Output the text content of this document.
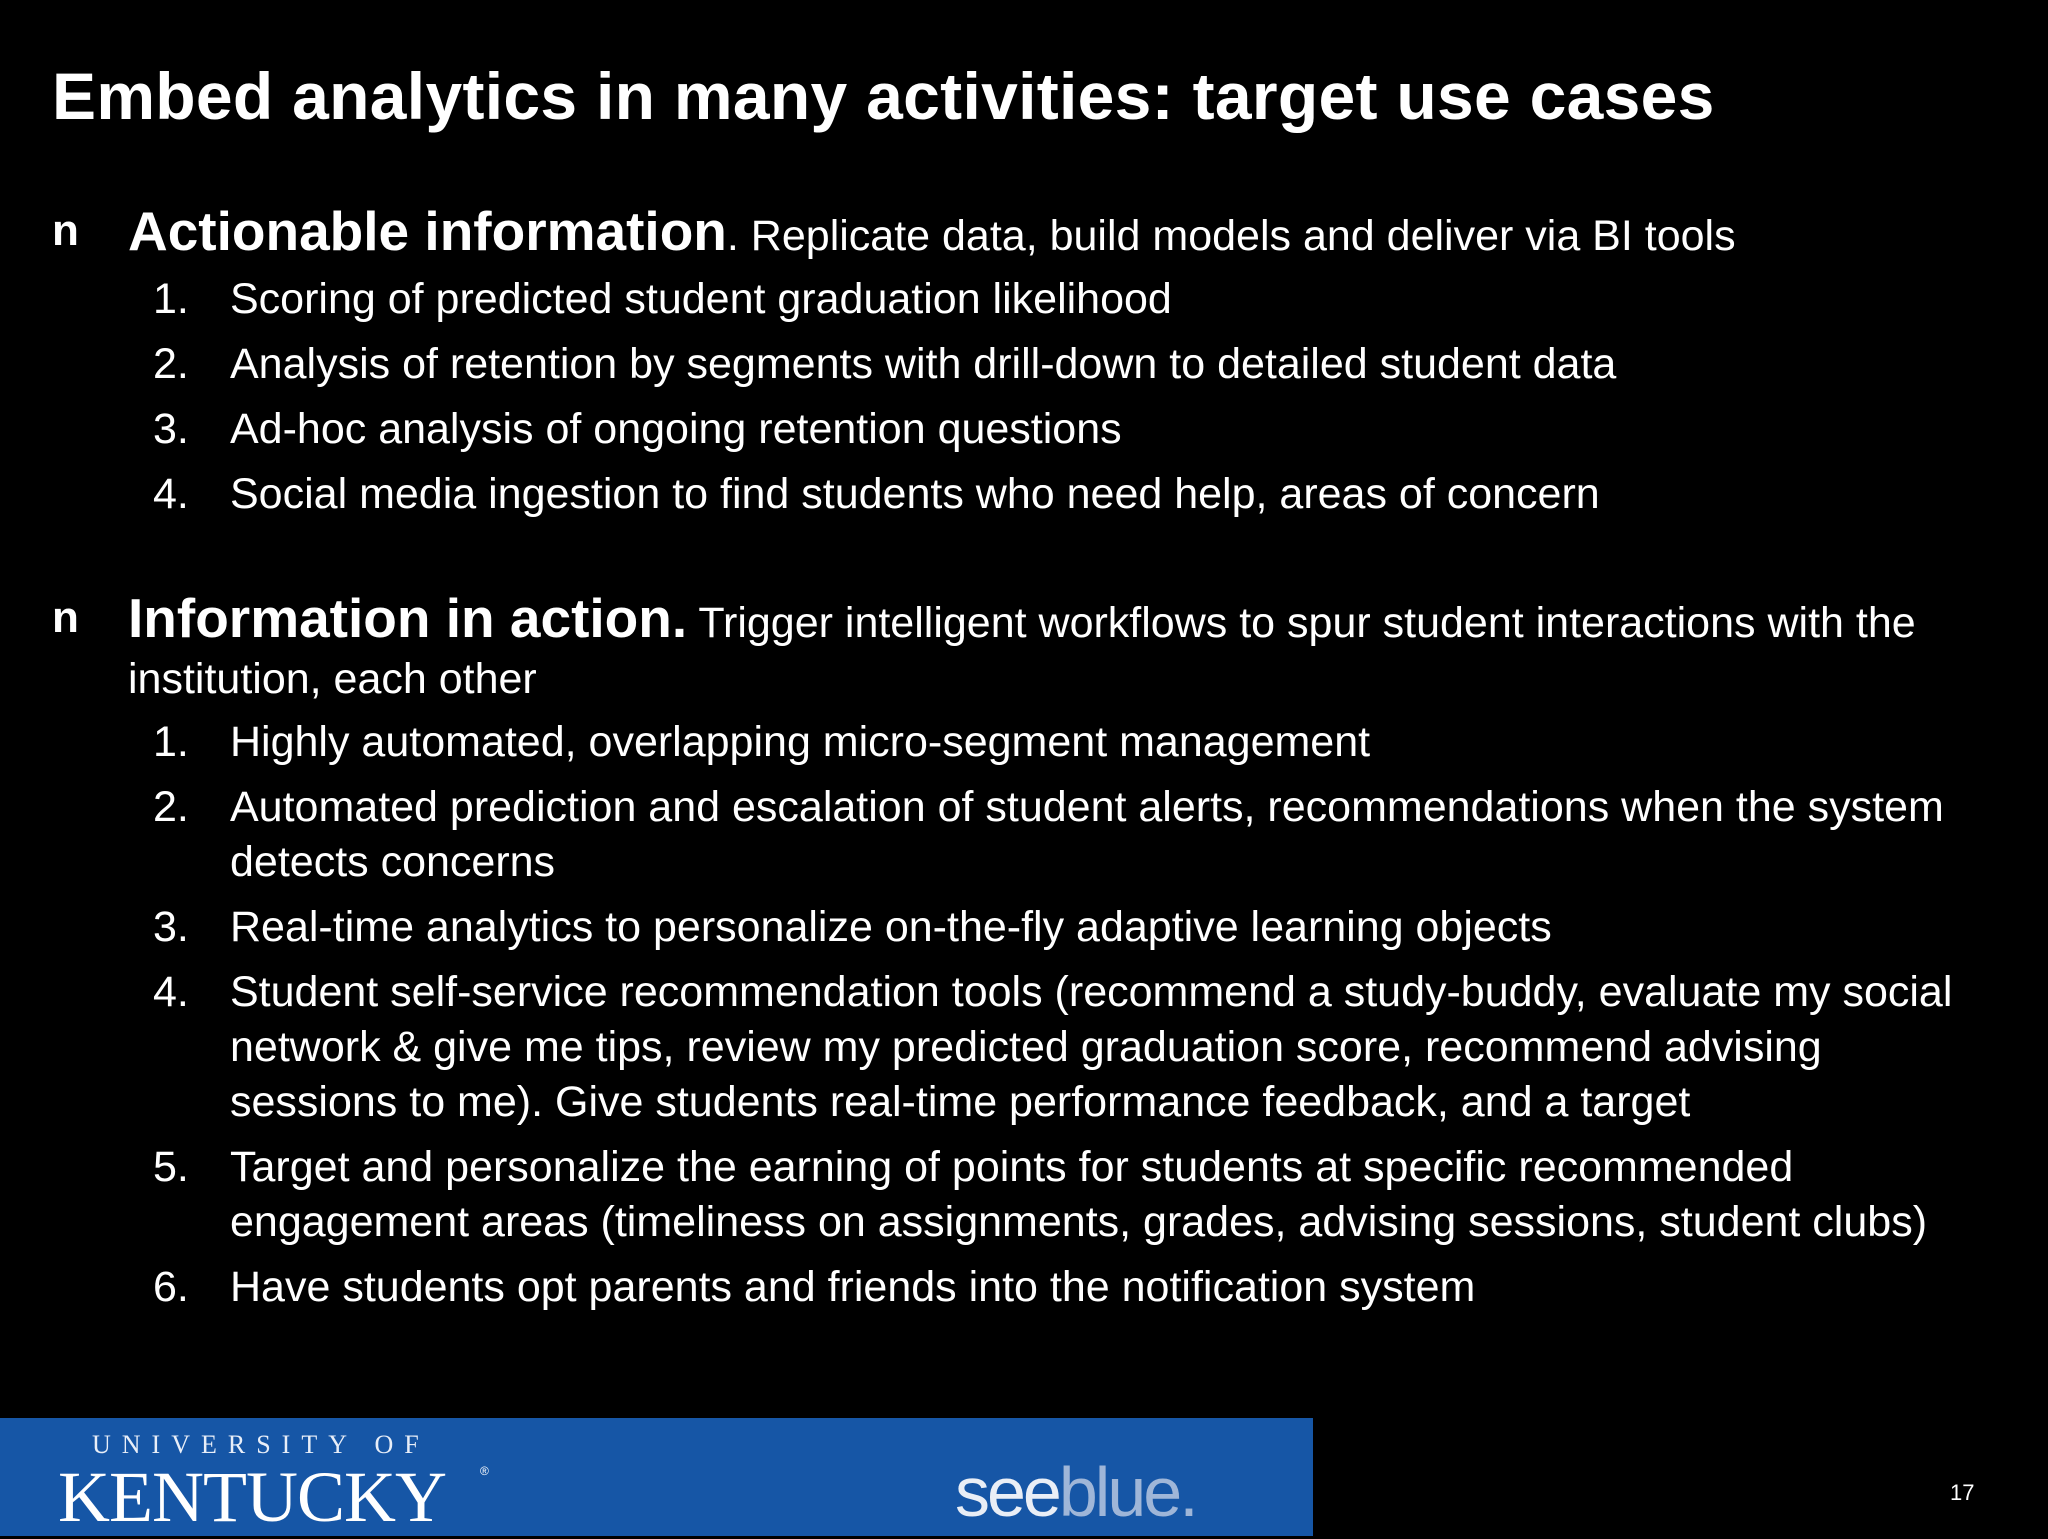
Embed analytics in many activities: target use cases
n Actionable information. Replicate data, build models and deliver via BI tools
1. Scoring of predicted student graduation likelihood
2. Analysis of retention by segments with drill-down to detailed student data
3. Ad-hoc analysis of ongoing retention questions
4. Social media ingestion to find students who need help, areas of concern
n Information in action. Trigger intelligent workflows to spur student interactions with the institution, each other
1. Highly automated, overlapping micro-segment management
2. Automated prediction and escalation of student alerts, recommendations when the system detects concerns
3. Real-time analytics to personalize on-the-fly adaptive learning objects
4. Student self-service recommendation tools (recommend a study-buddy, evaluate my social network & give me tips, review my predicted graduation score, recommend advising sessions to me). Give students real-time performance feedback, and a target
5. Target and personalize the earning of points for students at specific recommended engagement areas (timeliness on assignments, grades, advising sessions, student clubs)
6. Have students opt parents and friends into the notification system
UNIVERSITY OF
KENTUCKY	®	seeblue.	17
